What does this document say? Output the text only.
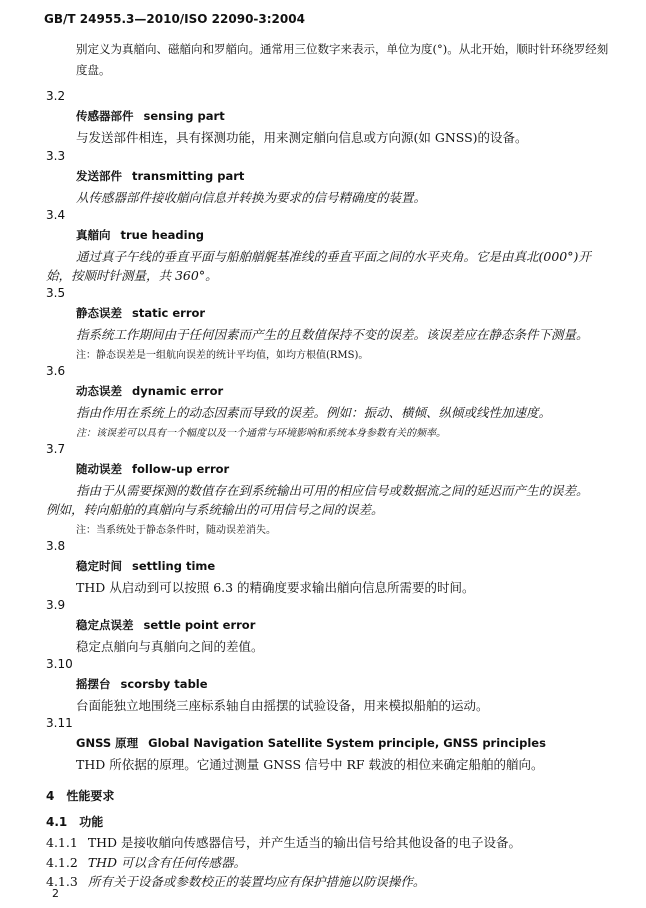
GB/T 24955.3—2010/ISO 22090-3:2004
别定义为真艏向、磁艏向和罗艏向。通常用三位数字来表示，单位为度(°)。从北开始，顺时针环绕罗经刻
度盘。
3.2
传感器部件 sensing part
与发送部件相连，具有探测功能，用来测定艏向信息或方向源(如 GNSS)的设备。
3.3
发送部件 transmitting part
从传感器部件接收艏向信息并转换为要求的信号精确度的装置。
3.4
真艏向 true heading
通过真子午线的垂直平面与船舶艏艉基准线的垂直平面之间的水平夹角。它是由真北(000°)开
始，按顺时针测量，共 360°。
3.5
静态误差 static error
指系统工作期间由于任何因素而产生的且数值保持不变的误差。该误差应在静态条件下测量。
注：静态误差是一组航向误差的统计平均值，如均方根值(RMS)。
3.6
动态误差 dynamic error
指由作用在系统上的动态因素而导致的误差。例如：振动、横倾、纵倾或线性加速度。
注：该误差可以具有一个幅度以及一个通常与环境影响和系统本身参数有关的频率。
3.7
随动误差 follow-up error
指由于从需要探测的数值存在到系统输出可用的相应信号或数据流之间的延迟而产生的误差。
例如，转向船舶的真艏向与系统输出的可用信号之间的误差。
注：当系统处于静态条件时，随动误差消失。
3.8
稳定时间 settling time
THD 从启动到可以按照 6.3 的精确度要求输出艏向信息所需要的时间。
3.9
稳定点误差 settle point error
稳定点艏向与真艏向之间的差值。
3.10
摇摆台 scorsby table
台面能独立地围绕三座标系轴自由摇摆的试验设备，用来模拟船舶的运动。
3.11
GNSS 原理 Global Navigation Satellite System principle, GNSS principles
THD 所依据的原理。它通过测量 GNSS 信号中 RF 载波的相位来确定船舶的艏向。
4　性能要求
4.1　功能
4.1.1 THD 是接收艏向传感器信号，并产生适当的输出信号给其他设备的电子设备。
4.1.2 THD 可以含有任何传感器。
4.1.3 所有关于设备或参数校正的装置均应有保护措施以防误操作。
2
